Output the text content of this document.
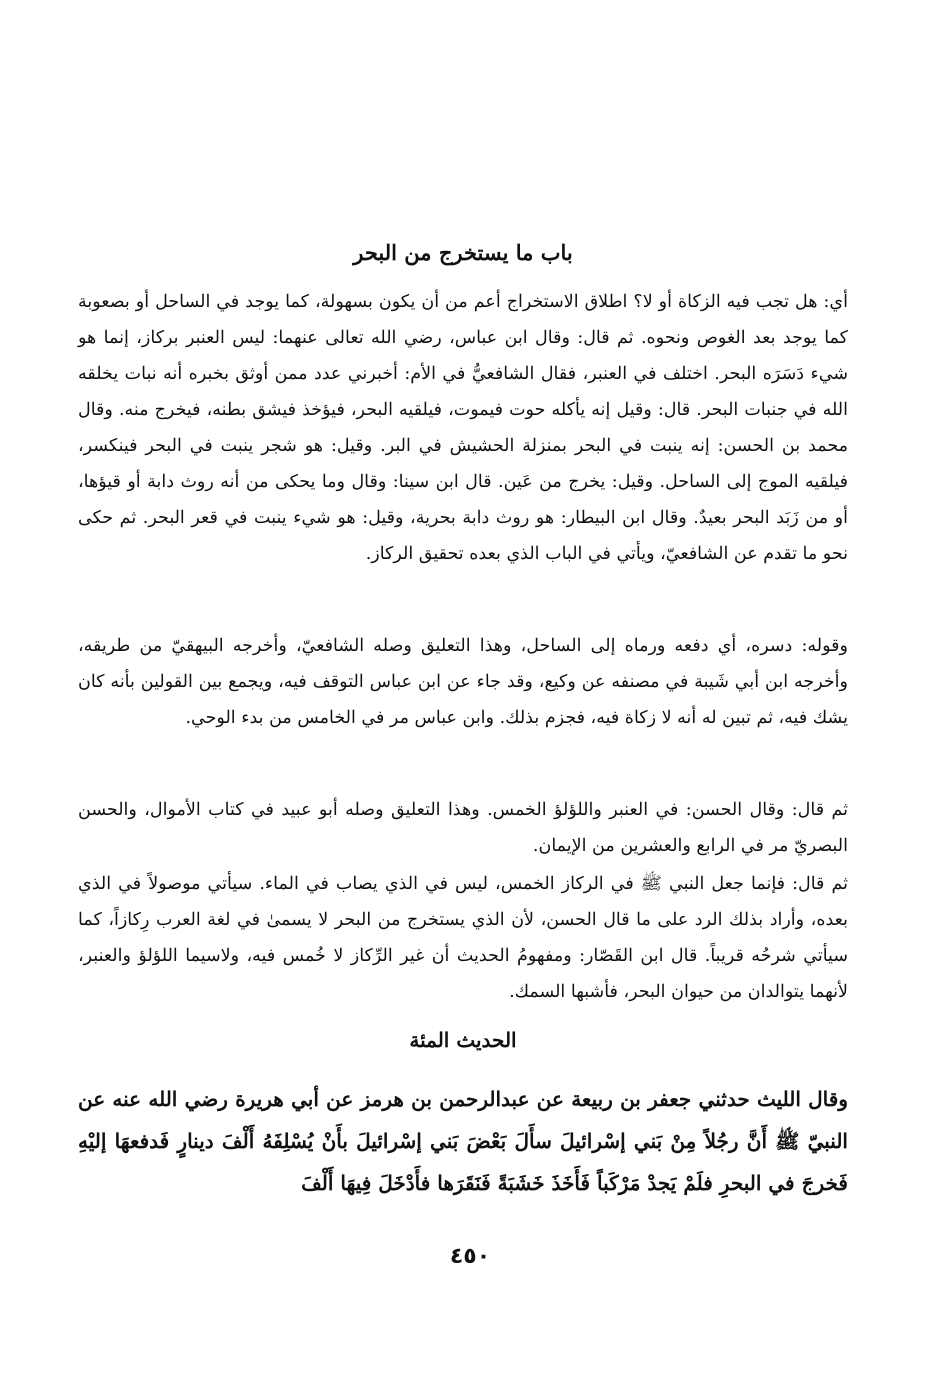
باب ما يستخرج من البحر

أي: هل تجب فيه الزكاة أو لا؟ اطلاق الاستخراج أعم من أن يكون بسهولة، كما يوجد في الساحل أو بصعوبة كما يوجد بعد الغوص ونحوه. ثم قال: وقال ابن عباس، رضي الله تعالى عنهما: ليس العنبر بركاز، إنما هو شيء دَسَرَه البحر. اختلف في العنبر، فقال الشافعيُّ في الأم: أخبرني عدد ممن أوثق بخبره أنه نبات يخلقه الله في جنبات البحر. قال: وقيل إنه يأكله حوت فيموت، فيلقيه البحر، فيؤخذ فيشق بطنه، فيخرج منه. وقال محمد بن الحسن: إنه ينبت في البحر بمنزلة الحشيش في البر. وقيل: هو شجر ينبت في البحر فينكسر، فيلقيه الموج إلى الساحل. وقيل: يخرج من عَين. قال ابن سينا: وقال وما يحكى من أنه روث دابة أو قيؤها، أو من زَبَد البحر بعيدٌ. وقال ابن البيطار: هو روث دابة بحرية، وقيل: هو شيء ينبت في قعر البحر. ثم حكى نحو ما تقدم عن الشافعيّ، ويأتي في الباب الذي بعده تحقيق الركاز.

وقوله: دسره، أي دفعه ورماه إلى الساحل، وهذا التعليق وصله الشافعيّ، وأخرجه البيهقيّ من طريقه، وأخرجه ابن أبي شَيبة في مصنفه عن وكيع، وقد جاء عن ابن عباس التوقف فيه، ويجمع بين القولين بأنه كان يشك فيه، ثم تبين له أنه لا زكاة فيه، فجزم بذلك. وابن عباس مر في الخامس من بدء الوحي.

ثم قال: وقال الحسن: في العنبر واللؤلؤ الخمس. وهذا التعليق وصله أبو عبيد في كتاب الأموال، والحسن البصريّ مر في الرابع والعشرين من الإيمان.

ثم قال: فإنما جعل النبي ﷺ في الركاز الخمس، ليس في الذي يصاب في الماء. سيأتي موصولاً في الذي بعده، وأراد بذلك الرد على ما قال الحسن، لأن الذي يستخرج من البحر لا يسمىٰ في لغة العرب رِكازاً، كما سيأتي شرحُه قريباً. قال ابن القَصّار: ومفهومُ الحديث أن غير الرِّكاز لا خُمس فيه، ولاسيما اللؤلؤ والعنبر، لأنهما يتوالدان من حيوان البحر، فأشبها السمك.

الحديث المئة

وقال الليث حدثني جعفر بن ربيعة عن عبدالرحمن بن هرمز عن أبي هريرة رضي الله عنه عن النبيّ ﷺ أَنَّ رجُلاً مِنْ بَني إسْرائيلَ سأَلَ بَعْضَ بَني إسْرائيلَ بأَنْ يُسْلِفَهُ أَلْفَ دينارٍ فَدفعهَا إليْهِ فَخرجَ في البحرِ فلَمْ يَجدْ مَرْكَباً فَأَخَذَ خَشَبَةً فَنَقَرَها فأَدْخَلَ فِيهَا أَلْفَ

٤٥٠
